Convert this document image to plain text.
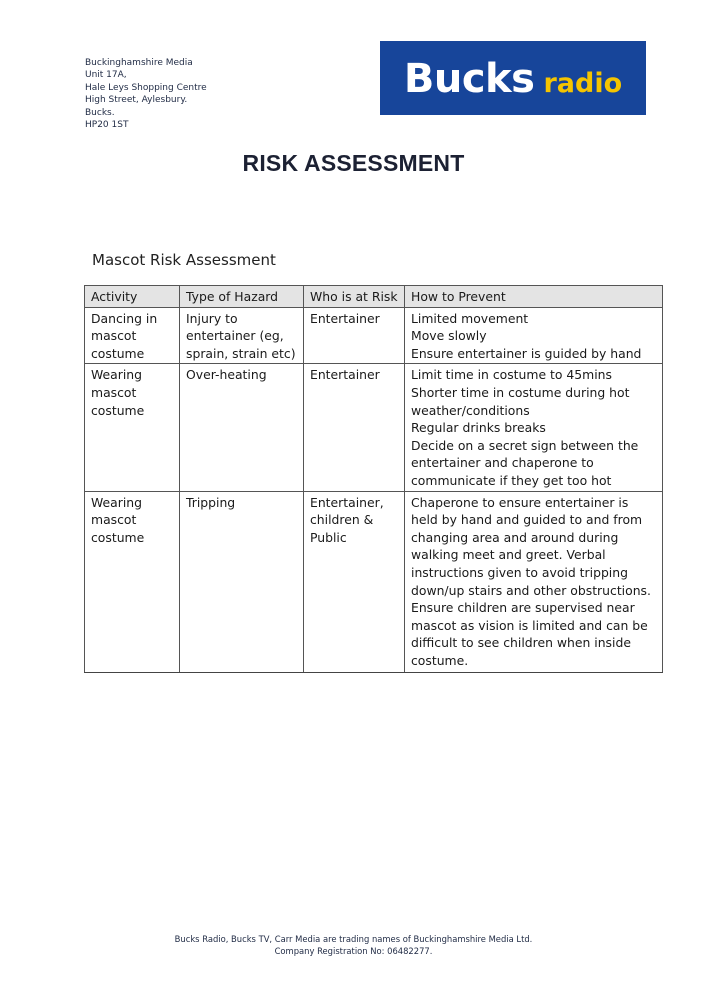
Buckinghamshire Media
Unit 17A,
Hale Leys Shopping Centre
High Street, Aylesbury.
Bucks.
HP20 1ST
Bucks radio
RISK ASSESSMENT
Mascot Risk Assessment
Activity	Type of Hazard	Who is at Risk	How to Prevent
Dancing in mascot costume	Injury to entertainer (eg, sprain, strain etc)	Entertainer	Limited movement
Move slowly
Ensure entertainer is guided by hand

Wearing mascot costume	Over-heating	Entertainer	Limit time in costume to 45mins
Shorter time in costume during hot weather/conditions
Regular drinks breaks
Decide on a secret sign between the entertainer and chaperone to communicate if they get too hot

Wearing mascot costume	Tripping	Entertainer, children & Public	Chaperone to ensure entertainer is held by hand and guided to and from changing area and around during walking meet and greet. Verbal instructions given to avoid tripping down/up stairs and other obstructions. Ensure children are supervised near mascot as vision is limited and can be difficult to see children when inside costume.
Bucks Radio, Bucks TV, Carr Media are trading names of Buckinghamshire Media Ltd.
Company Registration No: 06482277.
